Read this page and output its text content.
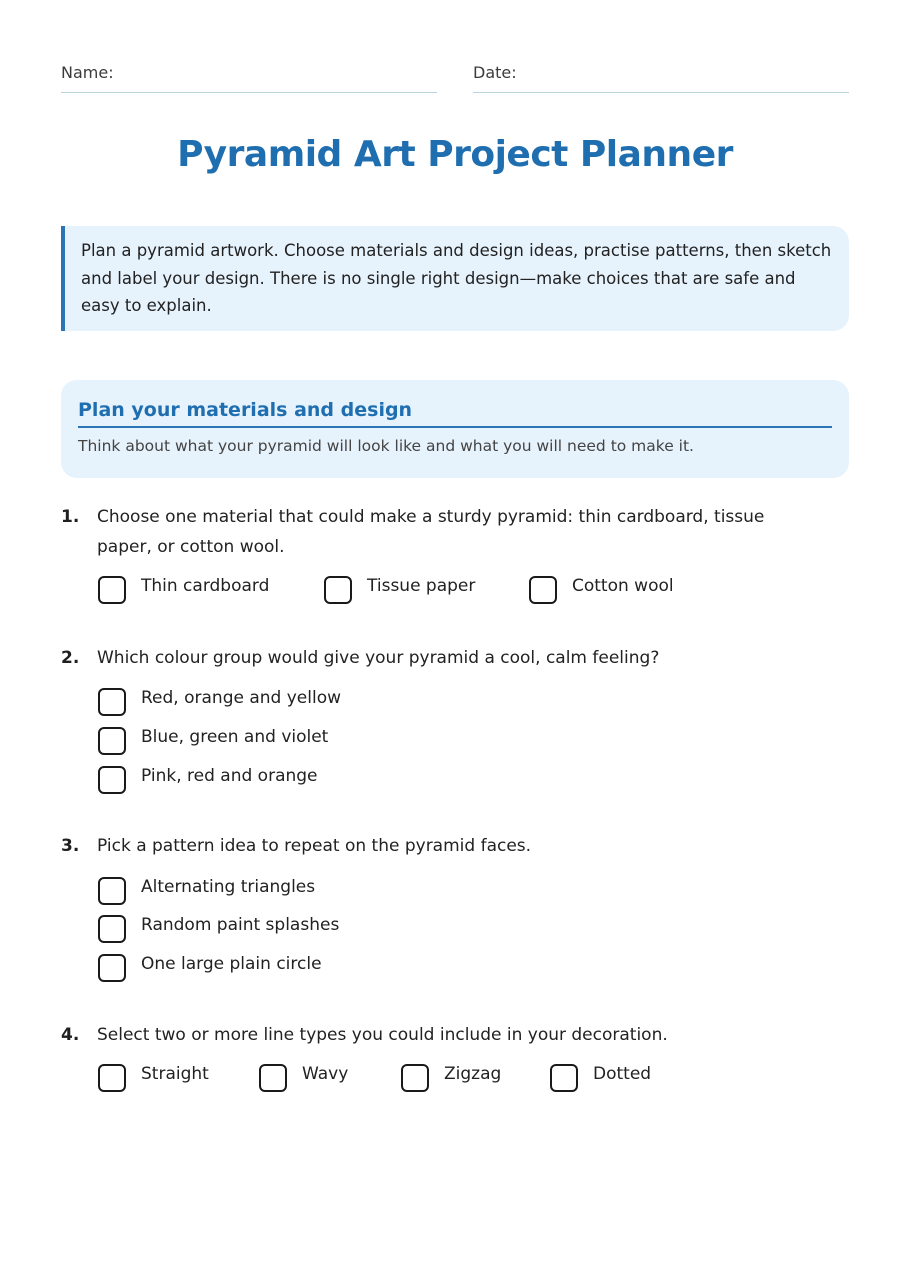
Name:	Date:
Pyramid Art Project Planner
Plan a pyramid artwork. Choose materials and design ideas, practise patterns, then sketch and label your design. There is no single right design—make choices that are safe and easy to explain.
Plan your materials and design
Think about what your pyramid will look like and what you will need to make it.
1. Choose one material that could make a sturdy pyramid: thin cardboard, tissue paper, or cotton wool.
Thin cardboard	Tissue paper	Cotton wool
2. Which colour group would give your pyramid a cool, calm feeling?
Red, orange and yellow
Blue, green and violet
Pink, red and orange
3. Pick a pattern idea to repeat on the pyramid faces.
Alternating triangles
Random paint splashes
One large plain circle
4. Select two or more line types you could include in your decoration.
Straight	Wavy	Zigzag	Dotted
